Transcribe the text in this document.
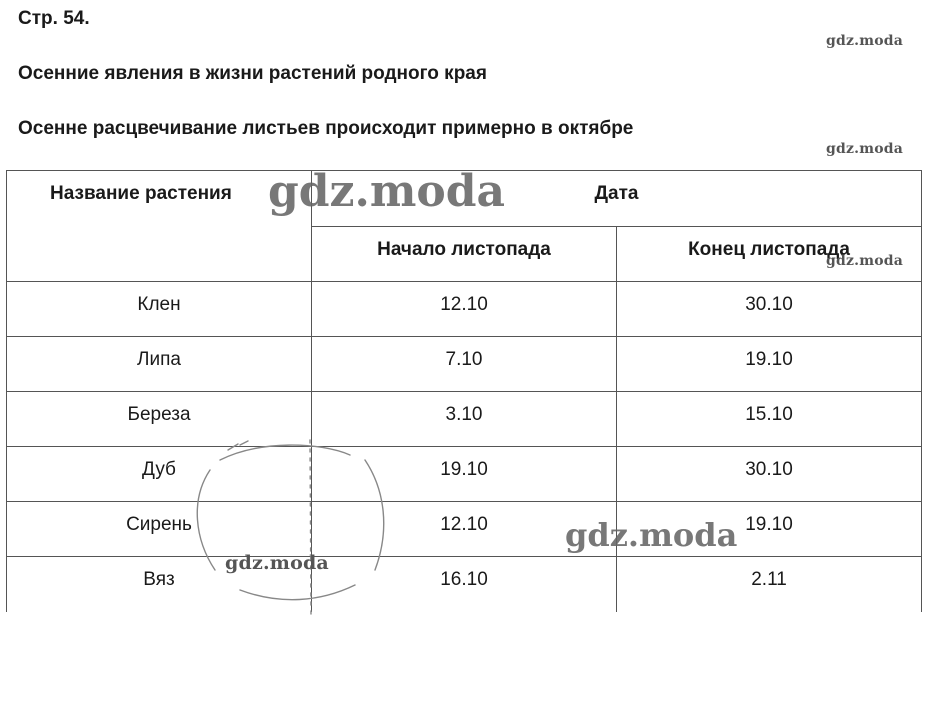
Стр. 54.
gdz.moda
Осенние явления в жизни растений родного края
Осенне расцвечивание листьев происходит примерно в октябре
gdz.moda
Название растения	Дата	
	Начало листопада	Конец листопада
Клен	12.10	30.10
Липа	7.10	19.10
Береза	3.10	15.10
Дуб	19.10	30.10
Сирень	12.10	19.10
Вяз	16.10	2.11
gdz.moda
gdz.moda
gdz.moda
gdz.moda
